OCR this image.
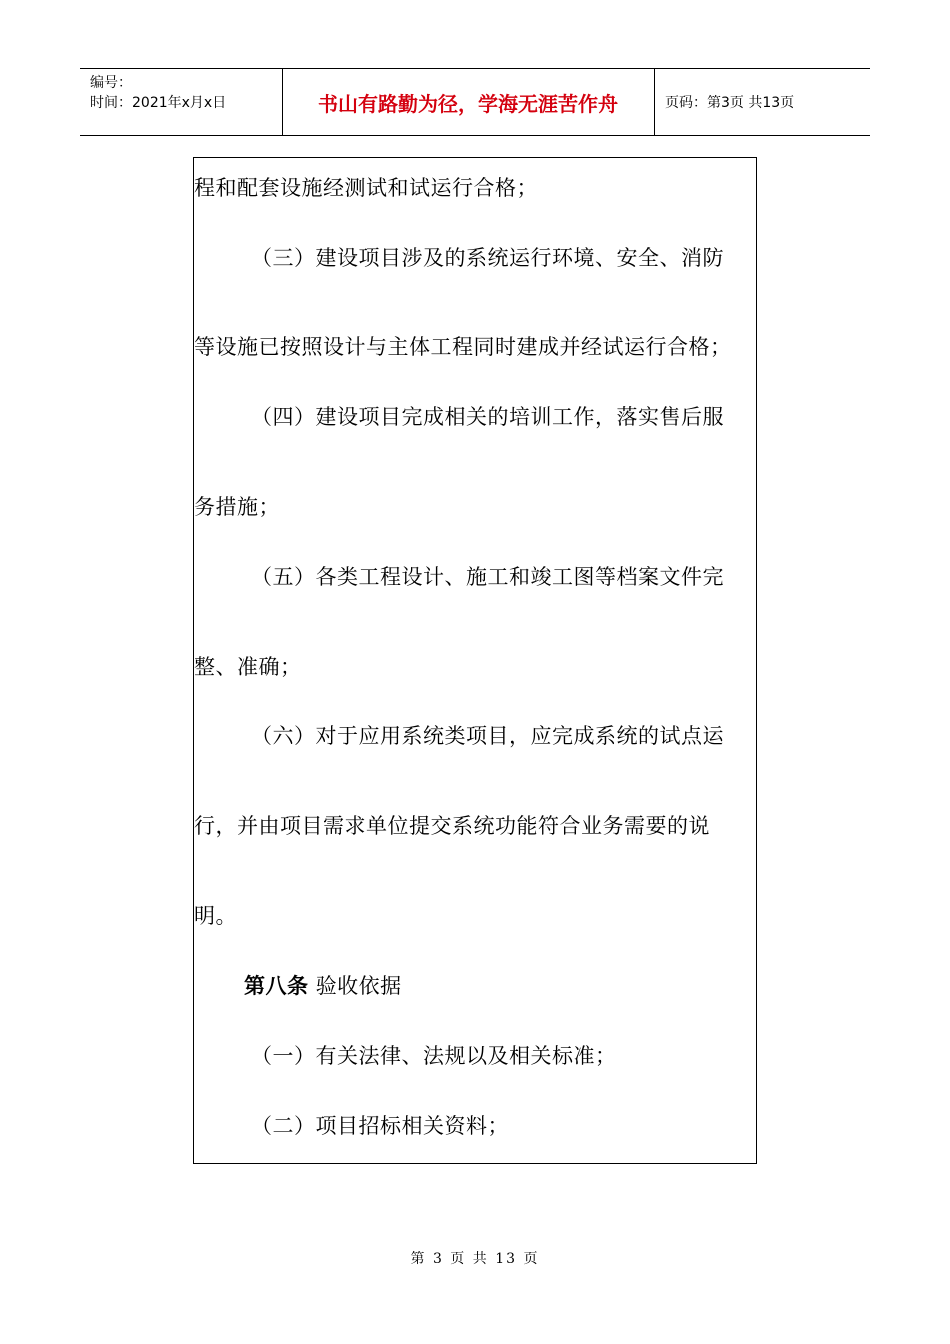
编号：
时间：2021年x月x日	书山有路勤为径，学海无涯苦作舟	页码：第3页 共13页
程和配套设施经测试和试运行合格；
（三）建设项目涉及的系统运行环境、安全、消防
等设施已按照设计与主体工程同时建成并经试运行合格；
（四）建设项目完成相关的培训工作，落实售后服
务措施；
（五）各类工程设计、施工和竣工图等档案文件完
整、准确；
（六）对于应用系统类项目，应完成系统的试点运
行，并由项目需求单位提交系统功能符合业务需要的说
明。
第八条 验收依据
（一）有关法律、法规以及相关标准；
（二）项目招标相关资料；
第 3 页 共 13 页
